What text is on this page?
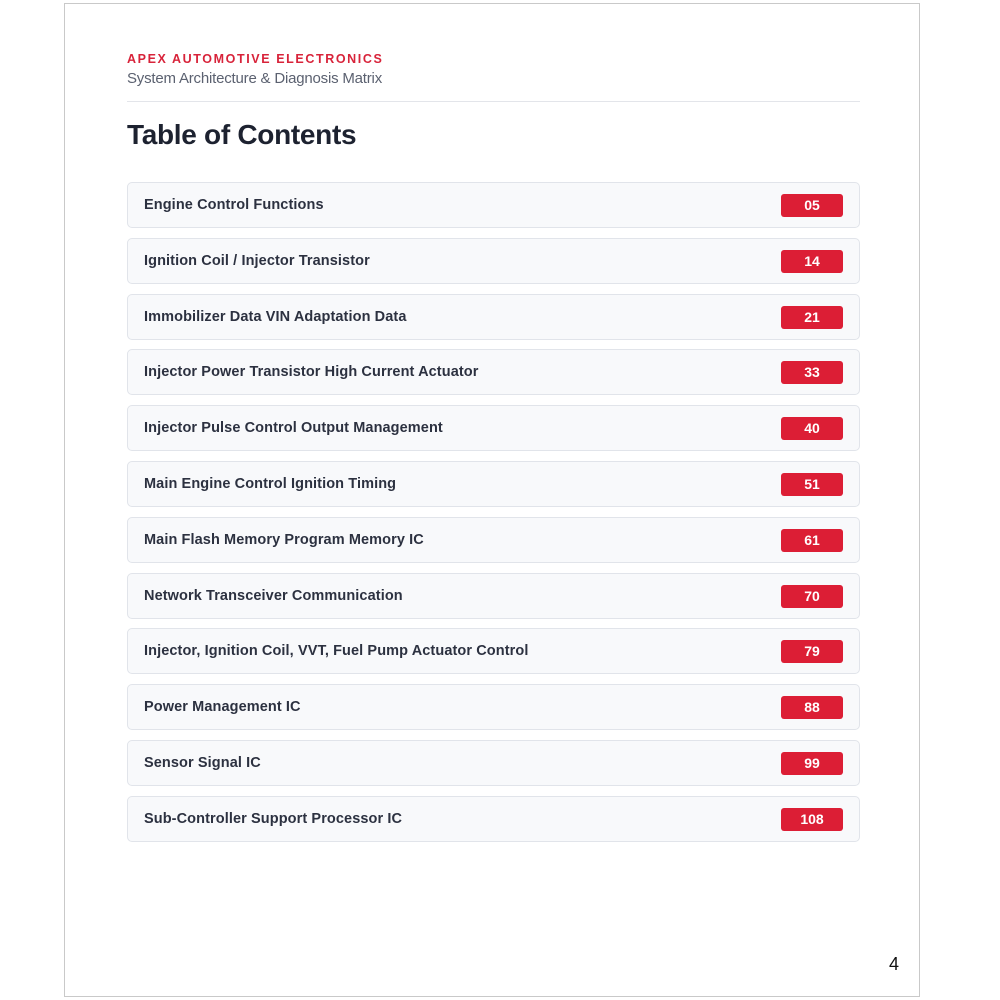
APEX AUTOMOTIVE ELECTRONICS
System Architecture & Diagnosis Matrix
Table of Contents
Engine Control Functions	05
Ignition Coil / Injector Transistor	14
Immobilizer Data VIN Adaptation Data	21
Injector Power Transistor High Current Actuator	33
Injector Pulse Control Output Management	40
Main Engine Control Ignition Timing	51
Main Flash Memory Program Memory IC	61
Network Transceiver Communication	70
Injector, Ignition Coil, VVT, Fuel Pump Actuator Control	79
Power Management IC	88
Sensor Signal IC	99
Sub-Controller Support Processor IC	108
4
